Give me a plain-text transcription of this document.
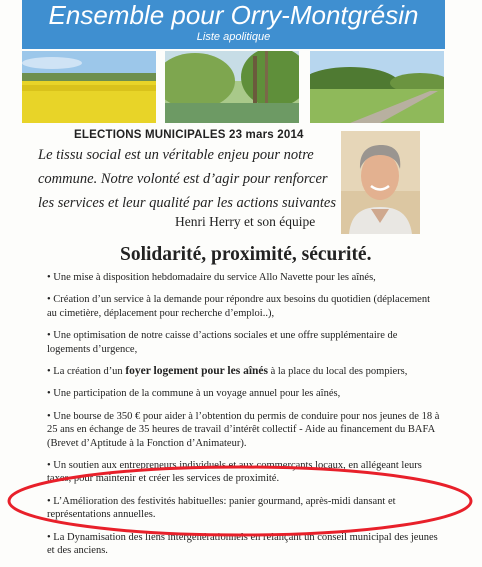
Ensemble pour Orry-Montgrésin
Liste apolitique
ELECTIONS MUNICIPALES 23 mars 2014

Le tissu social est un véritable enjeu pour notre

commune. Notre volonté est d’agir pour renforcer

les services et leur qualité par les actions suivantes

Henri Herry et son équipe
Solidarité, proximité, sécurité.
• Une mise à disposition hebdomadaire du service Allo Navette pour les aînés,
• Création d’un service à la demande pour répondre aux besoins du quotidien (déplacement au cimetière, déplacement pour recherche d’emploi..),
• Une optimisation de notre caisse d’actions sociales et une offre supplémentaire de logements d’urgence,
• La création d’un foyer logement pour les aînés à la place du local des pompiers,
• Une participation de la commune à un voyage annuel pour les aînés,
• Une bourse de 350 € pour aider à l’obtention du permis de conduire pour nos jeunes de 18 à 25 ans en échange de 35 heures de travail d’intérêt collectif - Aide au financement du BAFA (Brevet d’Aptitude à la Fonction d’Animateur).
• Un soutien aux entrepreneurs individuels et aux commerçants locaux, en allégeant leurs taxes, pour maintenir et créer les services de proximité.
• L’Amélioration des festivités habituelles: panier gourmand, après-midi dansant et représentations annuelles.
• La Dynamisation des liens intergénérationnels en relançant un conseil municipal des jeunes et des anciens.
